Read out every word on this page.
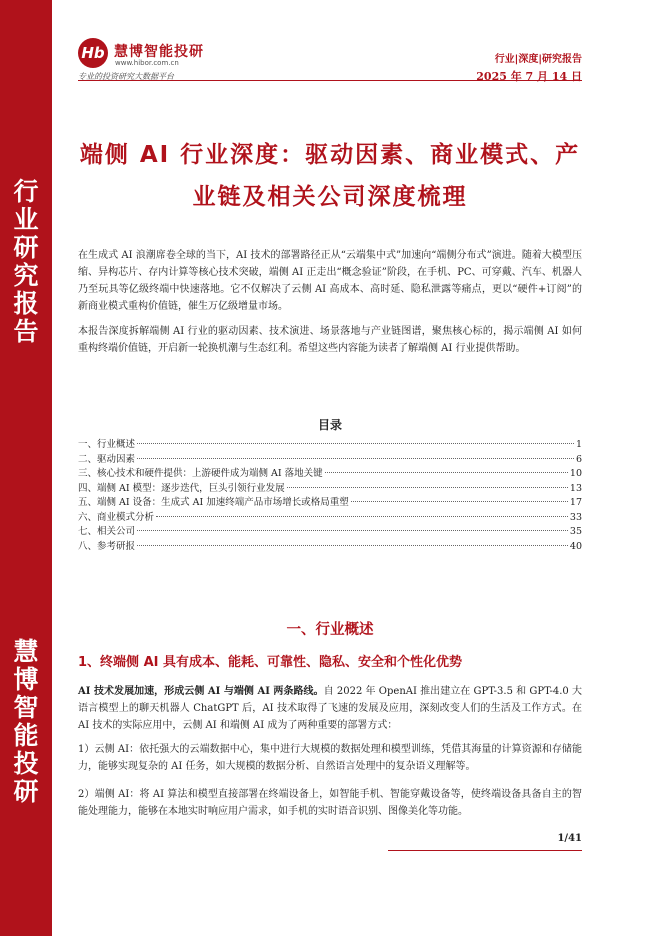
行
业
研
究
报
告
慧
博
智
能
投
研
Hb 慧博智能投研
www.hibor.com.cn
专业的投资研究大数据平台
行业|深度|研究报告
2025 年 7 月 14 日
端侧 AI 行业深度：驱动因素、商业模式、产
业链及相关公司深度梳理
在生成式 AI 浪潮席卷全球的当下，AI 技术的部署路径正从“云端集中式”加速向“端侧分布式”演进。随着大模型压缩、异构芯片、存内计算等核心技术突破，端侧 AI 正走出“概念验证”阶段，在手机、PC、可穿戴、汽车、机器人乃至玩具等亿级终端中快速落地。它不仅解决了云侧 AI 高成本、高时延、隐私泄露等痛点，更以“硬件+订阅”的新商业模式重构价值链，催生万亿级增量市场。
本报告深度拆解端侧 AI 行业的驱动因素、技术演进、场景落地与产业链图谱，聚焦核心标的，揭示端侧 AI 如何重构终端价值链，开启新一轮换机潮与生态红利。希望这些内容能为读者了解端侧 AI 行业提供帮助。
目录
一、行业概述	1
二、驱动因素	6
三、核心技术和硬件提供：上游硬件成为端侧 AI 落地关键	10
四、端侧 AI 模型：逐步迭代，巨头引领行业发展	13
五、端侧 AI 设备：生成式 AI 加速终端产品市场增长或格局重塑	17
六、商业模式分析	33
七、相关公司	35
八、参考研报	40
一、行业概述
1、终端侧 AI 具有成本、能耗、可靠性、隐私、安全和个性化优势
AI 技术发展加速，形成云侧 AI 与端侧 AI 两条路线。自 2022 年 OpenAI 推出建立在 GPT-3.5 和 GPT-4.0 大语言模型上的聊天机器人 ChatGPT 后，AI 技术取得了飞速的发展及应用，深刻改变人们的生活及工作方式。在 AI 技术的实际应用中，云侧 AI 和端侧 AI 成为了两种重要的部署方式：
1）云侧 AI：依托强大的云端数据中心，集中进行大规模的数据处理和模型训练，凭借其海量的计算资源和存储能力，能够实现复杂的 AI 任务，如大规模的数据分析、自然语言处理中的复杂语义理解等。
2）端侧 AI：将 AI 算法和模型直接部署在终端设备上，如智能手机、智能穿戴设备等，使终端设备具备自主的智能处理能力，能够在本地实时响应用户需求，如手机的实时语音识别、图像美化等功能。
1/41
